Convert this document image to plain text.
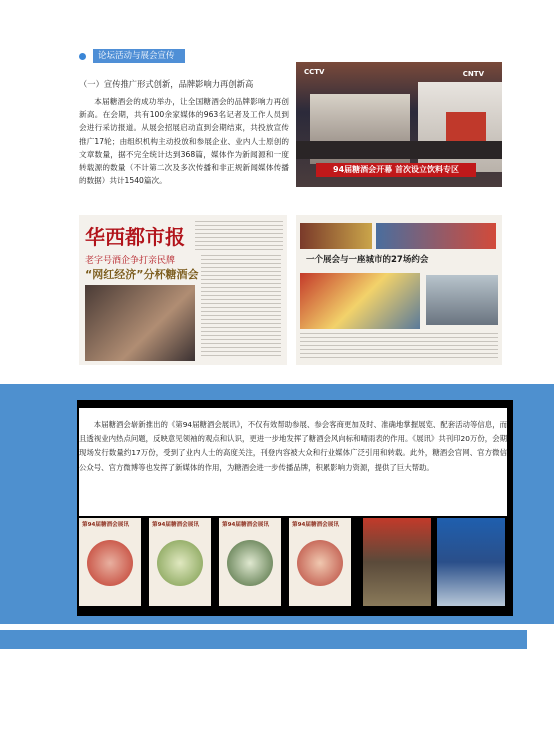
论坛活动与展会宣传
（一）宣传推广形式创新，品牌影响力再创新高
本届糖酒会的成功举办，让全国糖酒会的品牌影响力再创新高。在会期，共有100余家媒体的963名记者及工作人员到会进行采访报道。从展会招展启动直到会期结束，共投放宣传推广17轮；由组织机构主动投放和参展企业、业内人士原创的文章数量，据不完全统计达到368篇，媒体作为新闻源和一度转载源的数量（不计第二次及多次传播和非正规新闻媒体传播的数据）共计1540篇次。
CCTV	CNTV
94届糖酒会开幕 首次设立饮料专区
华西都市报
老字号酒企争打亲民牌
“网红经济”分杯糖酒会
一个展会与一座城市的27场约会
本届糖酒会崭新推出的《第94届糖酒会展讯》，不仅有效帮助参展、参会客商更加及时、准确地掌握展览、配套活动等信息，而且透视业内热点问题，反映意见领袖的观点和认识，更进一步地发挥了糖酒会风向标和晴雨表的作用。《展讯》共刊印20万份，会期现场发行数量约17万份，受到了业内人士的高度关注，刊登内容被大众和行业媒体广泛引用和转载。此外，糖酒会官网、官方微信公众号、官方微博等也发挥了新媒体的作用，为糖酒会进一步传播品牌，积累影响力资源，提供了巨大帮助。
第94届糖酒会展讯	第94届糖酒会展讯	第94届糖酒会展讯	第94届糖酒会展讯
